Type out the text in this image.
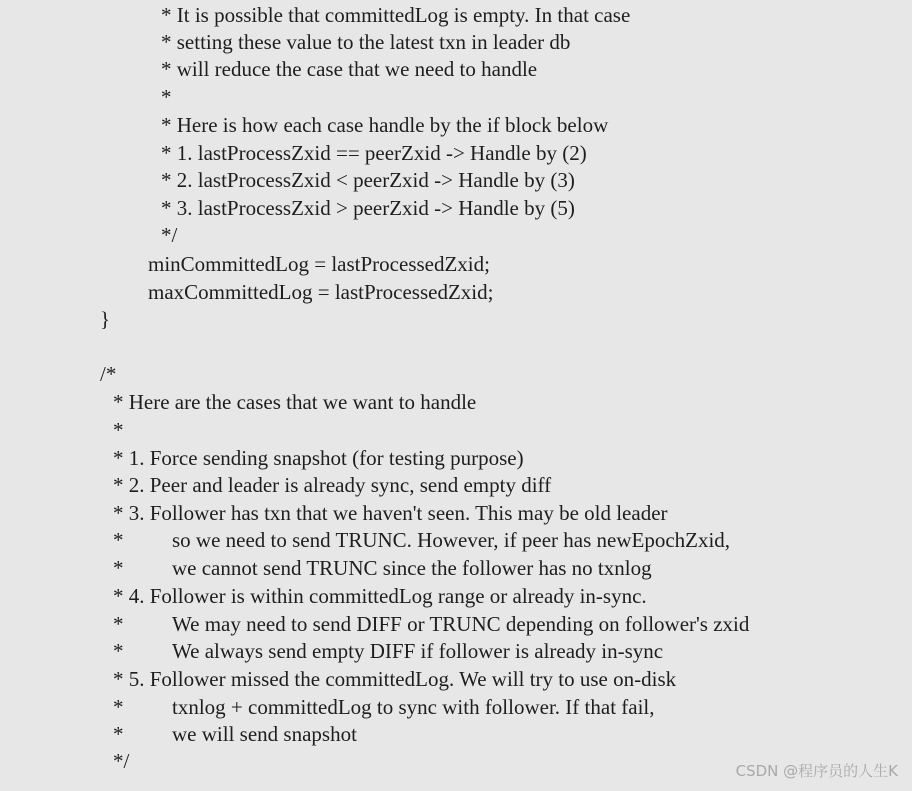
* It is possible that committedLog is empty. In that case
* setting these value to the latest txn in leader db
* will reduce the case that we need to handle
*
* Here is how each case handle by the if block below
* 1. lastProcessZxid == peerZxid -> Handle by (2)
* 2. lastProcessZxid < peerZxid -> Handle by (3)
* 3. lastProcessZxid > peerZxid -> Handle by (5)
*/
minCommittedLog = lastProcessedZxid;
maxCommittedLog = lastProcessedZxid;
}
/*
* Here are the cases that we want to handle
*
* 1. Force sending snapshot (for testing purpose)
* 2. Peer and leader is already sync, send empty diff
* 3. Follower has txn that we haven't seen. This may be old leader
* so we need to send TRUNC. However, if peer has newEpochZxid,
* we cannot send TRUNC since the follower has no txnlog
* 4. Follower is within committedLog range or already in-sync.
* We may need to send DIFF or TRUNC depending on follower's zxid
* We always send empty DIFF if follower is already in-sync
* 5. Follower missed the committedLog. We will try to use on-disk
* txnlog + committedLog to sync with follower. If that fail,
* we will send snapshot
*/	CSDN @程序员的人生K
